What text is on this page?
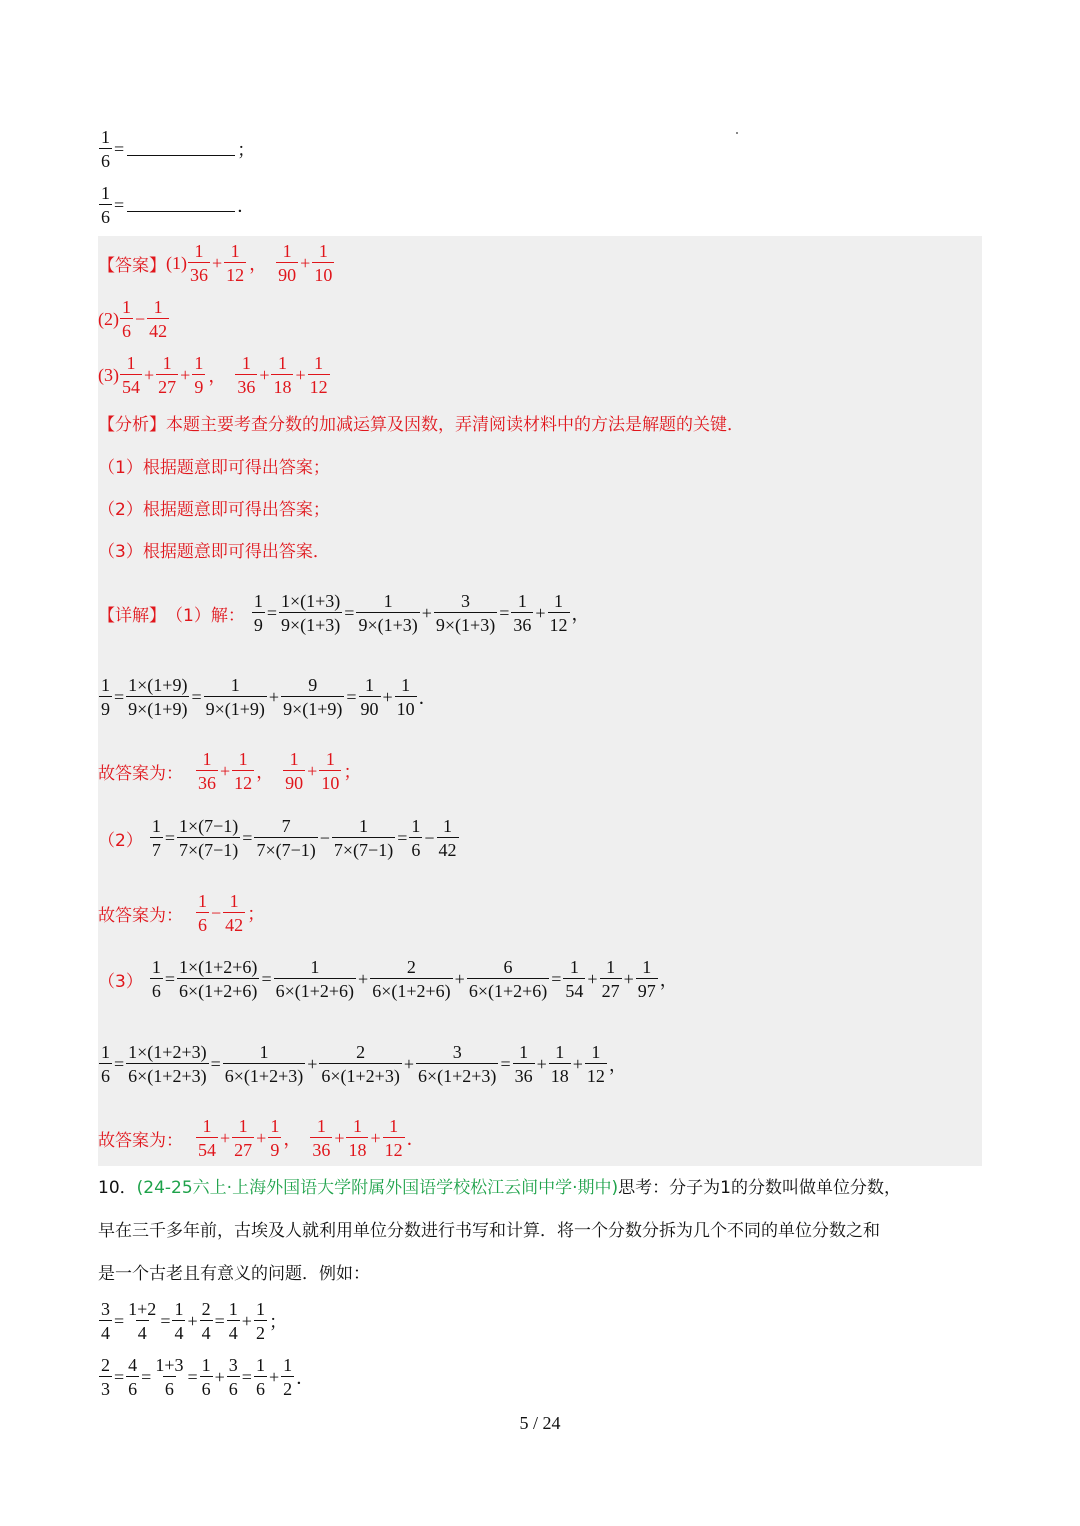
$\frac{1}{6}$ =	；
$\frac{1}{6}$ =	．
【答案】 $(1) \frac{1}{36} + \frac{1}{12}$ ， $\frac{1}{90} + \frac{1}{10}$
$(2) \frac{1}{6} - \frac{1}{42}$
$(3) \frac{1}{54} + \frac{1}{27} + \frac{1}{9}$ ， $\frac{1}{36} + \frac{1}{18} + \frac{1}{12}$
【分析】本题主要考查分数的加减运算及因数，弄清阅读材料中的方法是解题的关键．
（1）根据题意即可得出答案；
（2）根据题意即可得出答案；
（3）根据题意即可得出答案．
【详解】 （1）解： $\frac{1}{9} = \frac{1\times(1+3)}{9\times(1+3)} = \frac{1}{9\times(1+3)} + \frac{3}{9\times(1+3)} = \frac{1}{36} + \frac{1}{12}$ ，
$\frac{1}{9} = \frac{1\times(1+9)}{9\times(1+9)} = \frac{1}{9\times(1+9)} + \frac{9}{9\times(1+9)} = \frac{1}{90} + \frac{1}{10}$ ．
故答案为： $\frac{1}{36} + \frac{1}{12}$ ， $\frac{1}{90} + \frac{1}{10}$ ；
$(2) \frac{1}{7} = \frac{1\times(7-1)}{7\times(7-1)} = \frac{7}{7\times(7-1)} - \frac{1}{7\times(7-1)} = \frac{1}{6} - \frac{1}{42}$
故答案为： $\frac{1}{6} - \frac{1}{42}$ ；
$(3) \frac{1}{6} = \frac{1\times(1+2+6)}{6\times(1+2+6)} = \frac{1}{6\times(1+2+6)} + \frac{2}{6\times(1+2+6)} + \frac{6}{6\times(1+2+6)} = \frac{1}{54} + \frac{1}{27} + \frac{1}{97}$ ，
$\frac{1}{6} = \frac{1\times(1+2+3)}{6\times(1+2+3)} = \frac{1}{6\times(1+2+3)} + \frac{2}{6\times(1+2+3)} + \frac{3}{6\times(1+2+3)} = \frac{1}{36} + \frac{1}{18} + \frac{1}{12}$ ，
故答案为： $\frac{1}{54} + \frac{1}{27} + \frac{1}{9}$ ， $\frac{1}{36} + \frac{1}{18} + \frac{1}{12}$ ．
10．(24-25六上·上海外国语大学附属外国语学校松江云间中学·期中)思考：分子为1的分数叫做单位分数，
早在三千多年前，古埃及人就利用单位分数进行书写和计算．将一个分数分拆为几个不同的单位分数之和
是一个古老且有意义的问题．例如：
$\frac{3}{4} = \frac{1+2}{4} = \frac{1}{4} + \frac{2}{4} = \frac{1}{4} + \frac{1}{2}$ ；
$\frac{2}{3} = \frac{4}{6} = \frac{1+3}{6} = \frac{1}{6} + \frac{3}{6} = \frac{1}{6} + \frac{1}{2}$ ．
5 / 24
